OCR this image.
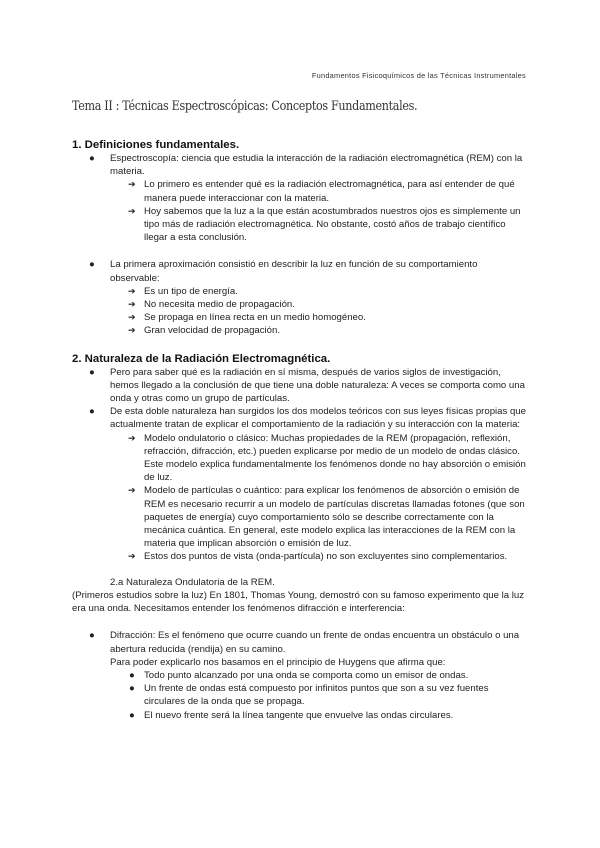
Fundamentos Fisicoquímicos de las Técnicas Instrumentales
Tema II : Técnicas Espectroscópicas: Conceptos Fundamentales.
1. Definiciones fundamentales.
● Espectroscopía: ciencia que estudia la interacción de la radiación electromagnética (REM) con la materia.
➔ Lo primero es entender qué es la radiación electromagnética, para así entender de qué manera puede interaccionar con la materia.
➔ Hoy sabemos que la luz a la que están acostumbrados nuestros ojos es simplemente un tipo más de radiación electromagnética. No obstante, costó años de trabajo científico llegar a esta conclusión.
● La primera aproximación consistió en describir la luz en función de su comportamiento observable:
➔ Es un tipo de energía.
➔ No necesita medio de propagación.
➔ Se propaga en línea recta en un medio homogéneo.
➔ Gran velocidad de propagación.
2. Naturaleza de la Radiación Electromagnética.
● Pero para saber qué es la radiación en sí misma, después de varios siglos de investigación, hemos llegado a la conclusión de que tiene una doble naturaleza: A veces se comporta como una onda y otras como un grupo de partículas.
● De esta doble naturaleza han surgidos los dos modelos teóricos con sus leyes físicas propias que actualmente tratan de explicar el comportamiento de la radiación y su interacción con la materia:
➔ Modelo ondulatorio o clásico: Muchas propiedades de la REM (propagación, reflexión, refracción, difracción, etc.) pueden explicarse por medio de un modelo de ondas clásico. Este modelo explica fundamentalmente los fenómenos donde no hay absorción o emisión de luz.
➔ Modelo de partículas o cuántico: para explicar los fenómenos de absorción o emisión de REM es necesario recurrir a un modelo de partículas discretas llamadas fotones (que son paquetes de energía) cuyo comportamiento sólo se describe correctamente con la mecánica cuántica. En general, este modelo explica las interacciones de la REM con la materia que implican absorción o emisión de luz.
➔ Estos dos puntos de vista (onda-partícula) no son excluyentes sino complementarios.

2.a Naturaleza Ondulatoria de la REM.

(Primeros estudios sobre la luz) En 1801, Thomas Young, demostró con su famoso experimento que la luz era una onda. Necesitamos entender los fenómenos difracción e interferencia:

● Difracción: Es el fenómeno que ocurre cuando un frente de ondas encuentra un obstáculo o una abertura reducida (rendija) en su camino.

Para poder explicarlo nos basamos en el principio de Huygens que afirma que:

● Todo punto alcanzado por una onda se comporta como un emisor de ondas.
● Un frente de ondas está compuesto por infinitos puntos que son a su vez fuentes circulares de la onda que se propaga.
● El nuevo frente será la línea tangente que envuelve las ondas circulares.
